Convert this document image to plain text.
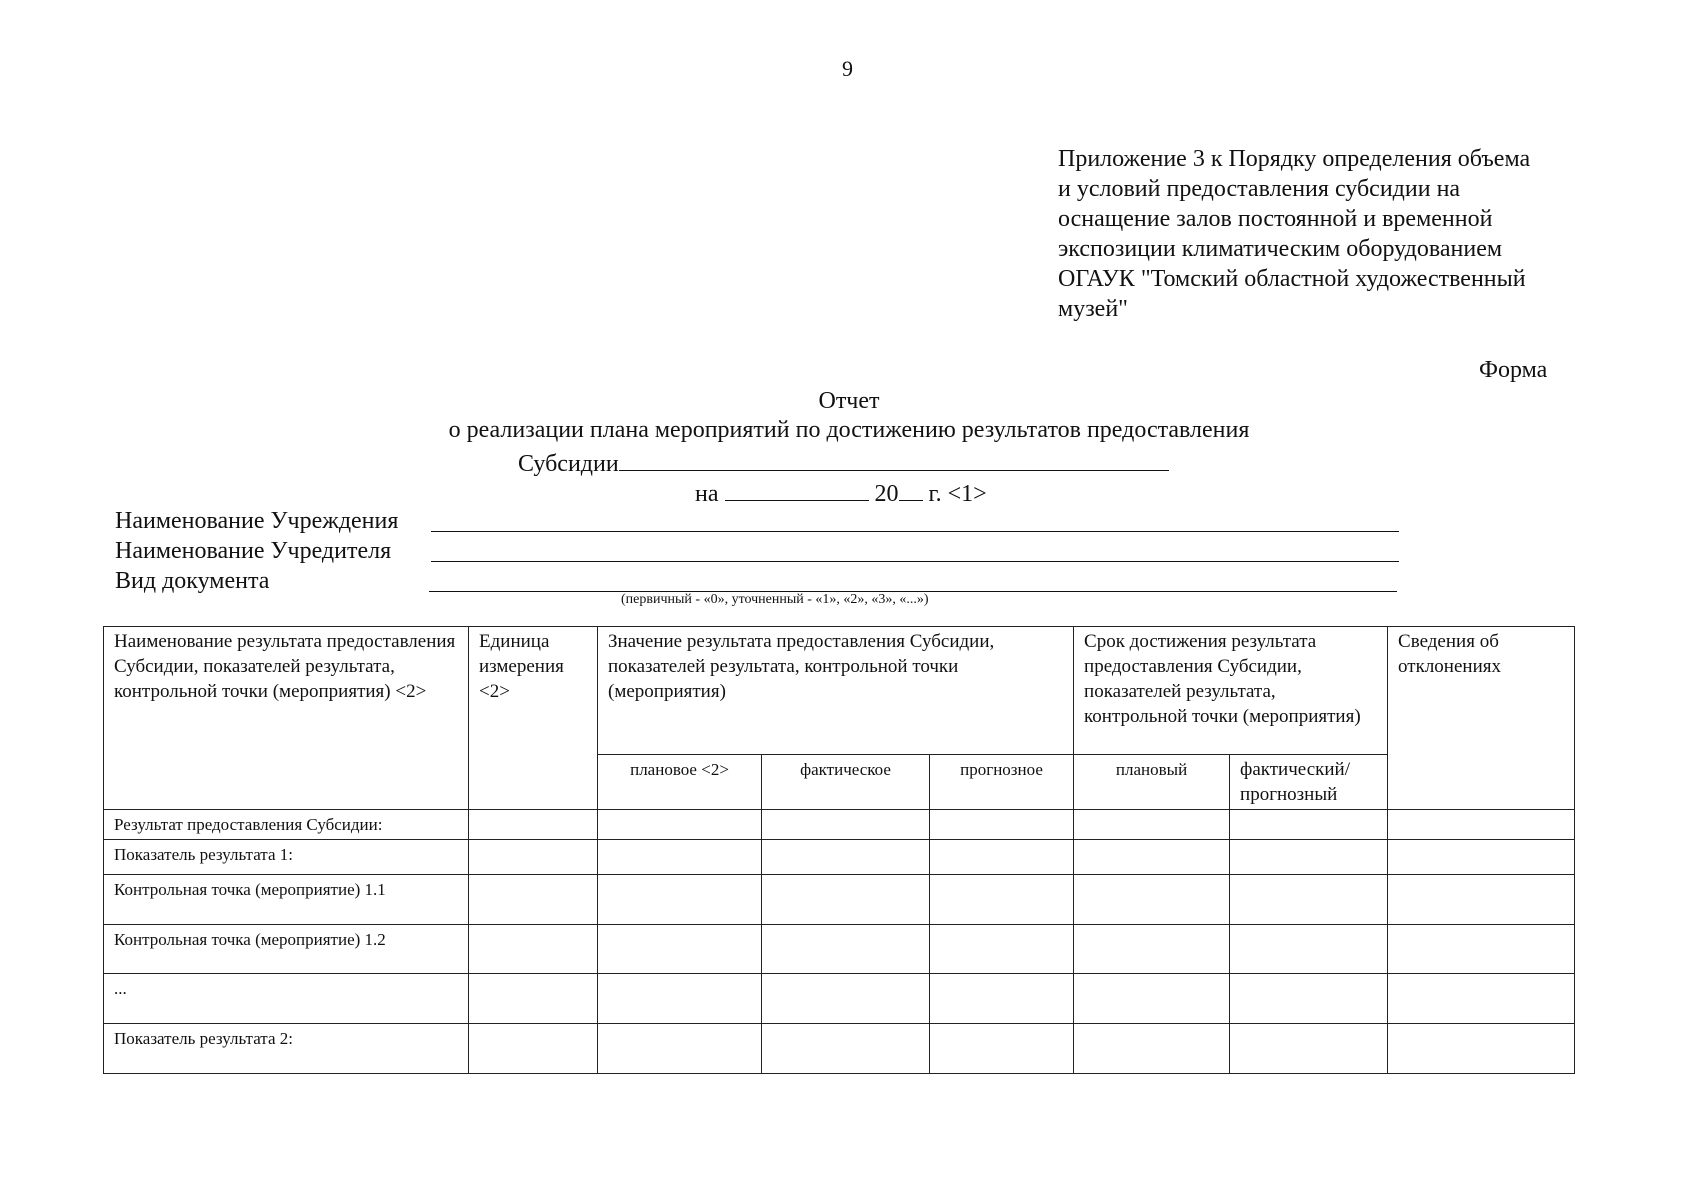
9
Приложение 3 к Порядку определения объема
и условий предоставления субсидии на
оснащение залов постоянной и временной
экспозиции климатическим оборудованием
ОГАУК "Томский областной художественный
музей"
Форма
Отчет
о реализации плана мероприятий по достижению результатов предоставления
Субсидии
на	20 г. <1>
Наименование Учреждения
Наименование Учредителя
Вид документа
(первичный - «0», уточненный - «1», «2», «3», «...»)
Наименование результата предоставления Субсидии, показателей результата, контрольной точки (мероприятия) <2>	Единица измерения <2>	Значение результата предоставления Субсидии, показателей результата, контрольной точки (мероприятия)			Срок достижения результата предоставления Субсидии, показателей результата, контрольной точки (мероприятия)		Сведения об отклонениях
		плановое <2>	фактическое	прогнозное	плановый	фактический/ прогнозный	
Результат предоставления Субсидии:							
Показатель результата 1:							
Контрольная точка (мероприятие) 1.1							
Контрольная точка (мероприятие) 1.2							
...							
Показатель результата 2:							
